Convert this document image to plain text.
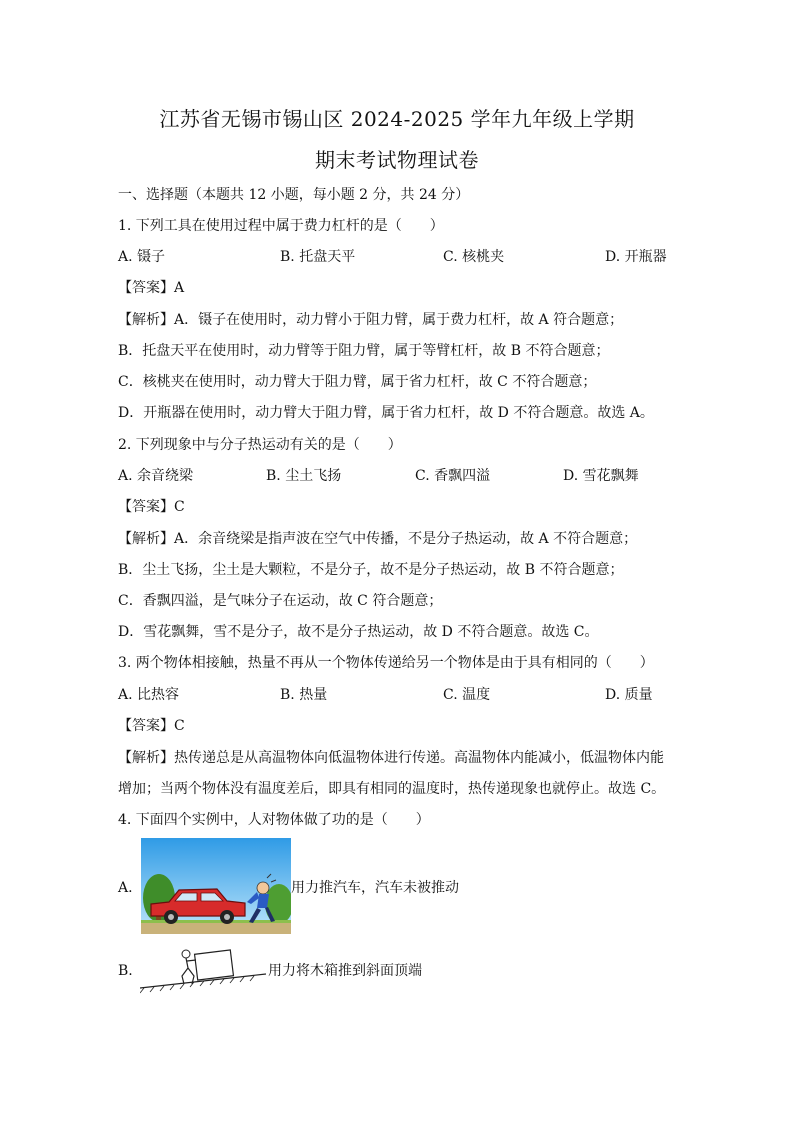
江苏省无锡市锡山区 2024-2025 学年九年级上学期
期末考试物理试卷
一、选择题（本题共 12 小题，每小题 2 分，共 24 分）
1. 下列工具在使用过程中属于费力杠杆的是（　　）
A. 镊子	B. 托盘天平	C. 核桃夹	D. 开瓶器
【答案】A
【解析】A．镊子在使用时，动力臂小于阻力臂，属于费力杠杆，故 A 符合题意；
B．托盘天平在使用时，动力臂等于阻力臂，属于等臂杠杆，故 B 不符合题意；
C．核桃夹在使用时，动力臂大于阻力臂，属于省力杠杆，故 C 不符合题意；
D．开瓶器在使用时，动力臂大于阻力臂，属于省力杠杆，故 D 不符合题意。故选 A。
2. 下列现象中与分子热运动有关的是（　　）
A. 余音绕梁	B. 尘土飞扬	C. 香飘四溢	D. 雪花飘舞
【答案】C
【解析】A．余音绕梁是指声波在空气中传播，不是分子热运动，故 A 不符合题意；
B．尘土飞扬，尘土是大颗粒，不是分子，故不是分子热运动，故 B 不符合题意；
C．香飘四溢，是气味分子在运动，故 C 符合题意；
D．雪花飘舞，雪不是分子，故不是分子热运动，故 D 不符合题意。故选 C。
3. 两个物体相接触，热量不再从一个物体传递给另一个物体是由于具有相同的（　　）
A. 比热容	B. 热量	C. 温度	D. 质量
【答案】C
【解析】热传递总是从高温物体向低温物体进行传递。高温物体内能减小，低温物体内能
增加；当两个物体没有温度差后，即具有相同的温度时，热传递现象也就停止。故选 C。
4. 下面四个实例中，人对物体做了功的是（　　）
A.	用力推汽车，汽车未被推动
B.	用力将木箱推到斜面顶端
